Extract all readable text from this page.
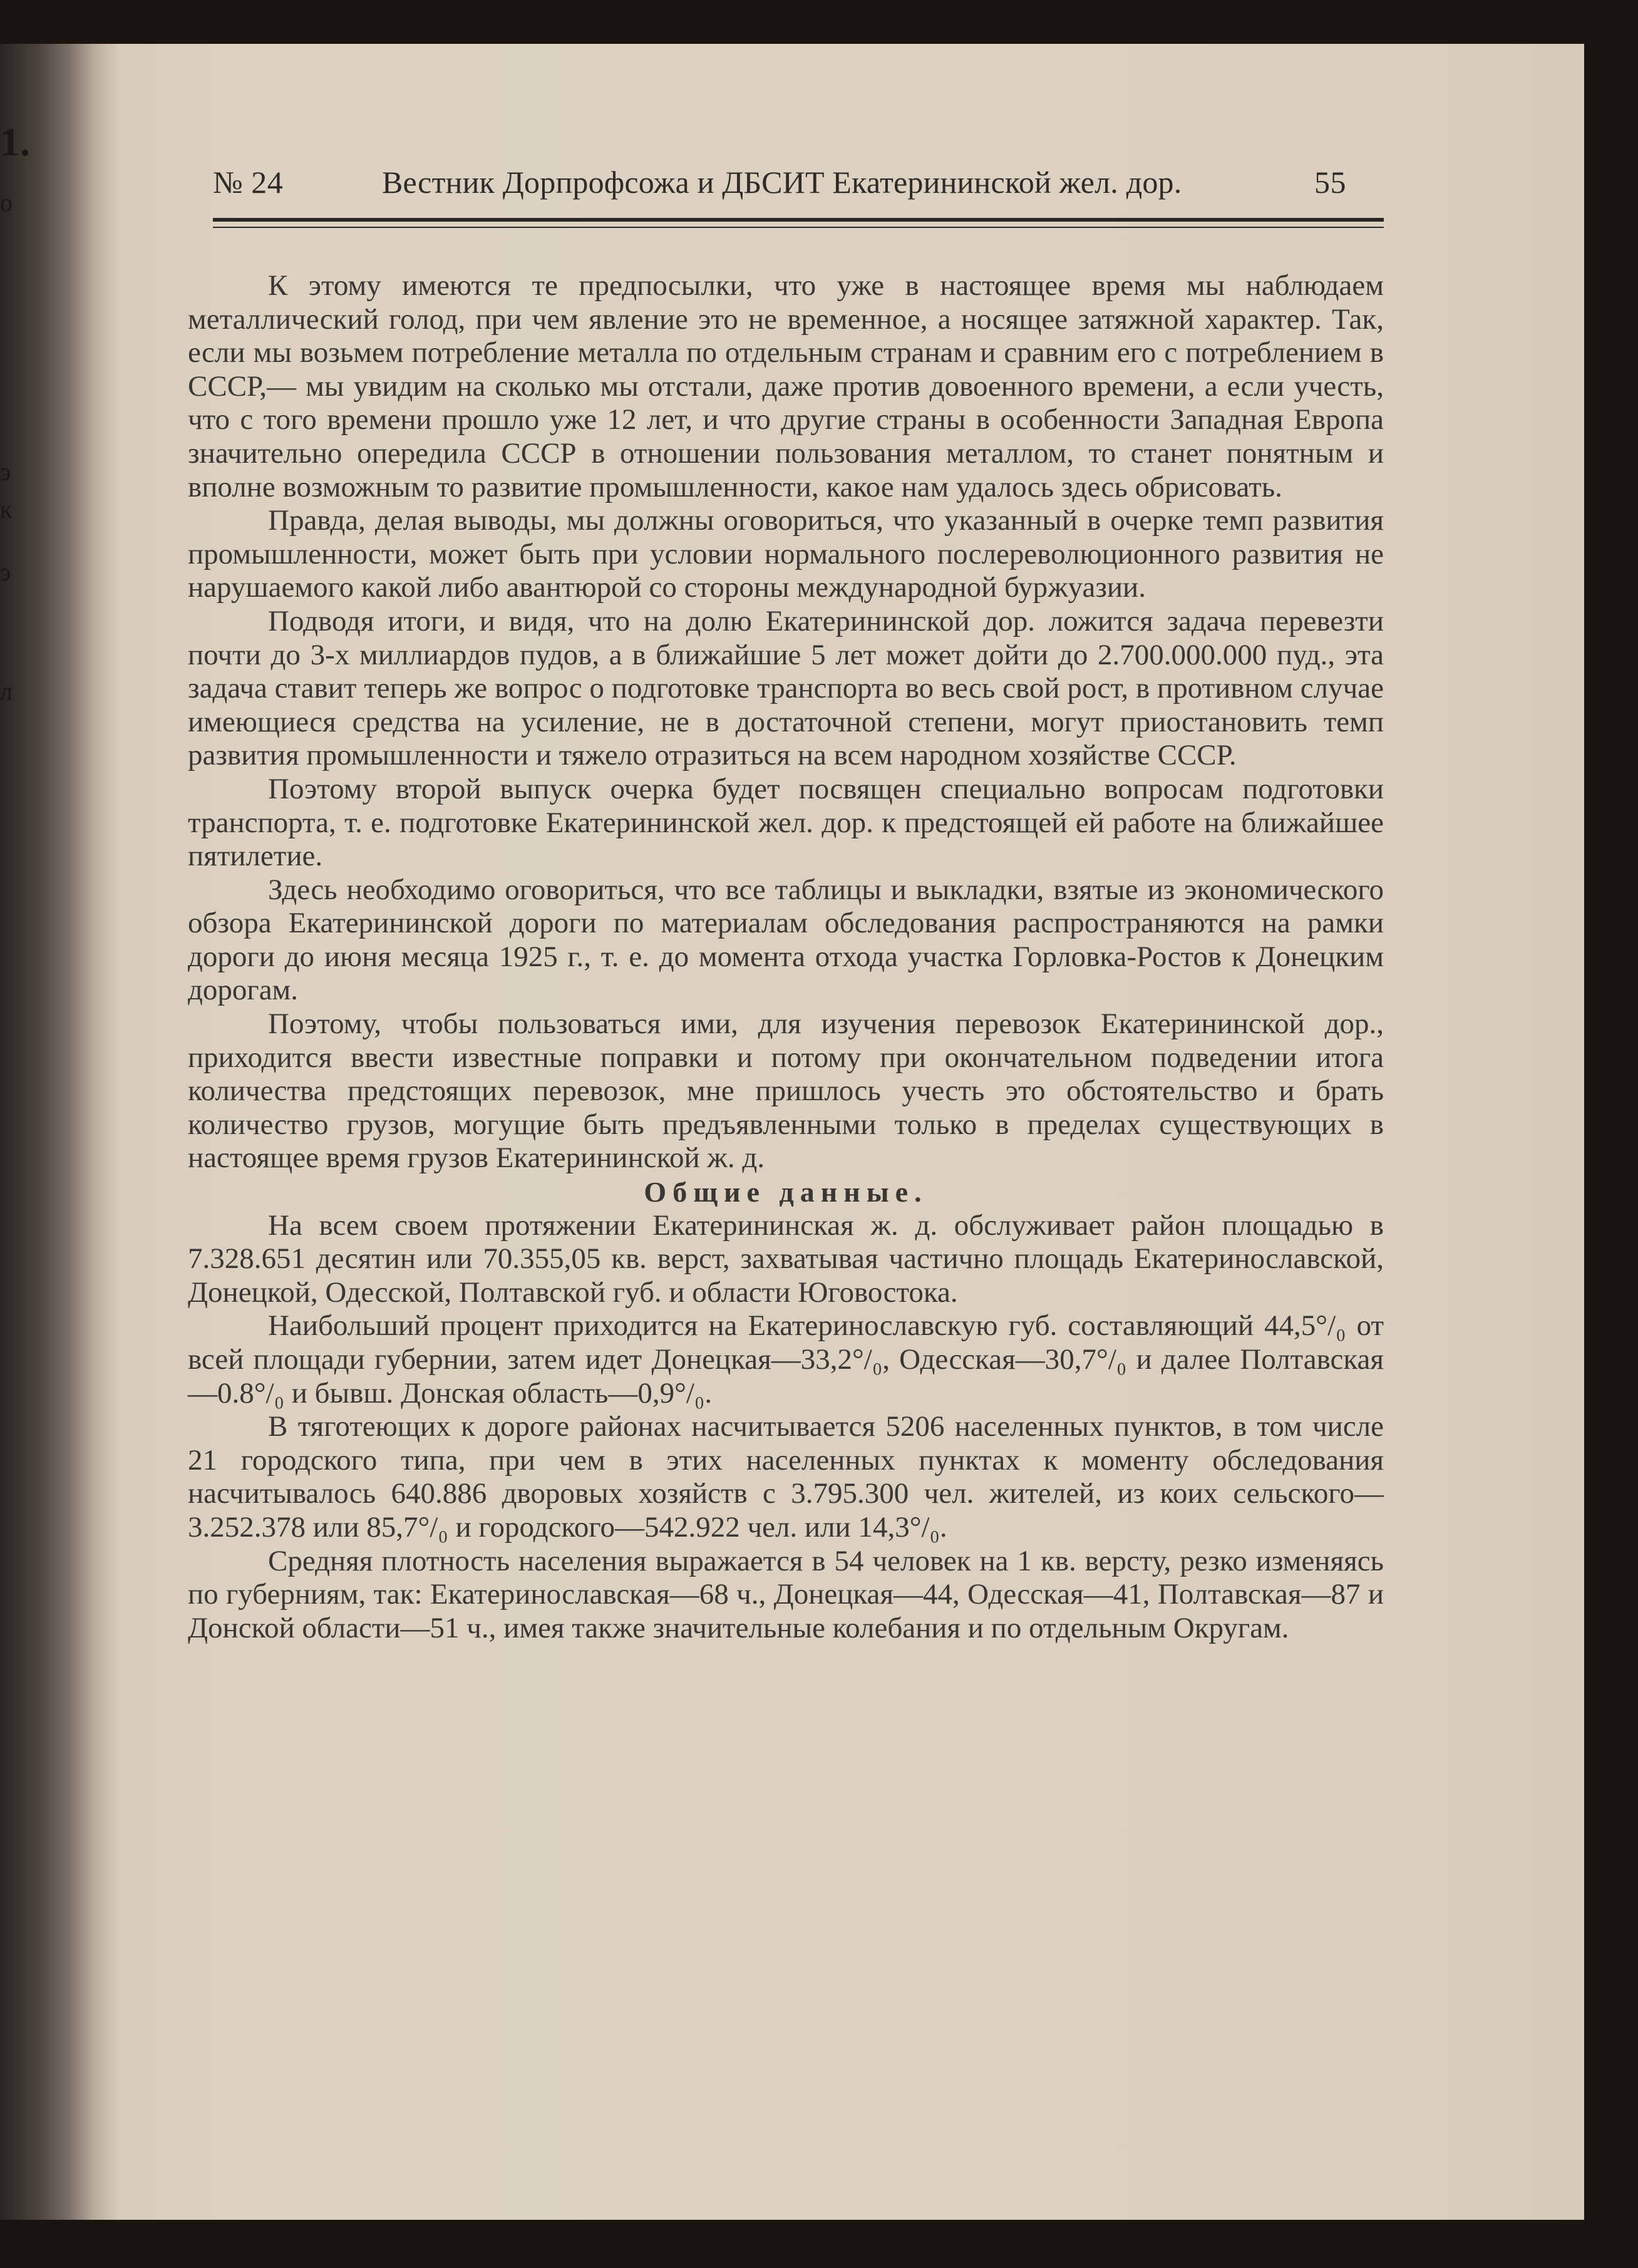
1.
о
э
к
э
л
№ 24	Вестник Дорпрофсожа и ДБСИТ Екатерининской жел. дор.	55

К этому имеются те предпосылки, что уже в настоящее время мы наблюдаем металлический голод, при чем явление это не временное, а носящее затяжной характер. Так, если мы возьмем потребление металла по отдельным странам и сравним его с потреблением в СССР,— мы увидим на сколько мы отстали, даже против довоенного времени, а если учесть, что с того времени прошло уже 12 лет, и что другие страны в особенности Западная Европа значительно опередила СССР в отношении пользования металлом, то станет понятным и вполне возможным то развитие промышленности, какое нам удалось здесь обрисовать.

Правда, делая выводы, мы должны оговориться, что указанный в очерке темп развития промышленности, может быть при условии нормального послереволюционного развития не нарушаемого какой либо авантюрой со стороны международной буржуазии.

Подводя итоги, и видя, что на долю Екатерининской дор. ложится задача перевезти почти до 3-х миллиардов пудов, а в ближайшие 5 лет может дойти до 2.700.000.000 пуд., эта задача ставит теперь же вопрос о подготовке транспорта во весь свой рост, в противном случае имеющиеся средства на усиление, не в достаточной степени, могут приостановить темп развития промышленности и тяжело отразиться на всем народном хозяйстве СССР.

Поэтому второй выпуск очерка будет посвящен специально вопросам подготовки транспорта, т. е. подготовке Екатерининской жел. дор. к предстоящей ей работе на ближайшее пятилетие.

Здесь необходимо оговориться, что все таблицы и выкладки, взятые из экономического обзора Екатерининской дороги по материалам обследования распространяются на рамки дороги до июня месяца 1925 г., т. е. до момента отхода участка Горловка-Ростов к Донецким дорогам.

Поэтому, чтобы пользоваться ими, для изучения перевозок Екатерининской дор., приходится ввести известные поправки и потому при окончательном подведении итога количества предстоящих перевозок, мне пришлось учесть это обстоятельство и брать количество грузов, могущие быть предъявленными только в пределах существующих в настоящее время грузов Екатерининской ж. д.

Общие данные.

На всем своем протяжении Екатерининская ж. д. обслуживает район площадью в 7.328.651 десятин или 70.355,05 кв. верст, захватывая частично площадь Екатеринославской, Донецкой, Одесской, Полтавской губ. и области Юговостока.

Наибольший процент приходится на Екатеринославскую губ. составляющий 44,5°/₀ от всей площади губернии, затем идет Донецкая—33,2°/₀, Одесская—30,7°/₀ и далее Полтавская—0.8°/₀ и бывш. Донская область—0,9°/₀.

В тяготеющих к дороге районах насчитывается 5206 населенных пунктов, в том числе 21 городского типа, при чем в этих населенных пунктах к моменту обследования насчитывалось 640.886 дворовых хозяйств с 3.795.300 чел. жителей, из коих сельского—3.252.378 или 85,7°/₀ и городского—542.922 чел. или 14,3°/₀.

Средняя плотность населения выражается в 54 человек на 1 кв. версту, резко изменяясь по губерниям, так: Екатеринославская—68 ч., Донецкая—44, Одесская—41, Полтавская—87 и Донской области—51 ч., имея также значительные колебания и по отдельным Округам.
